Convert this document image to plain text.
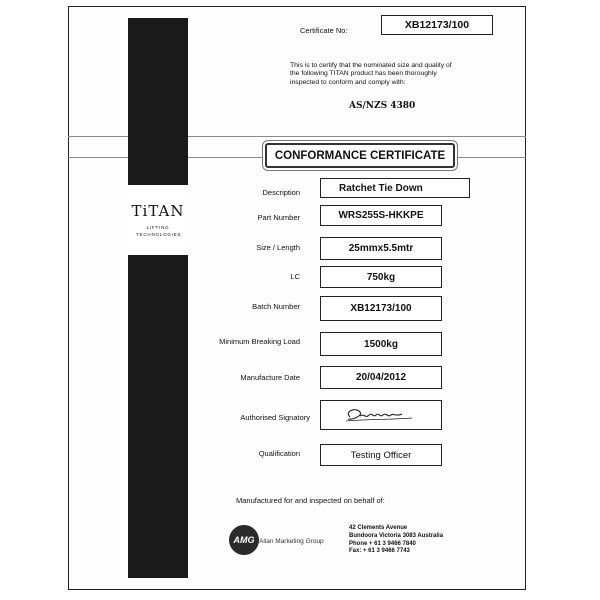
TiTAN
LIFTING TECHNOLOGIES
Certificate No:	XB12173/100
This is to certify that the nominated size and quality of the following TITAN product has been thoroughly inspected to conform and comply with:
AS/NZS 4380
CONFORMANCE CERTIFICATE
Description	Ratchet Tie Down
Part Number	WRS255S-HKKPE
Size / Length	25mmx5.5mtr
LC	750kg
Batch Number	XB12173/100
Minimum Breaking Load	1500kg
Manufacture Date	20/04/2012
Authorised Signatory
Qualification	Testing Officer
Manufactured for and inspected on behalf of:
AMG Allan Marketing Group
42 Clements Avenue
Bundoora Victoria 3083 Australia
Phone + 61 3 9466 7840
Fax: + 61 3 9466 7743
